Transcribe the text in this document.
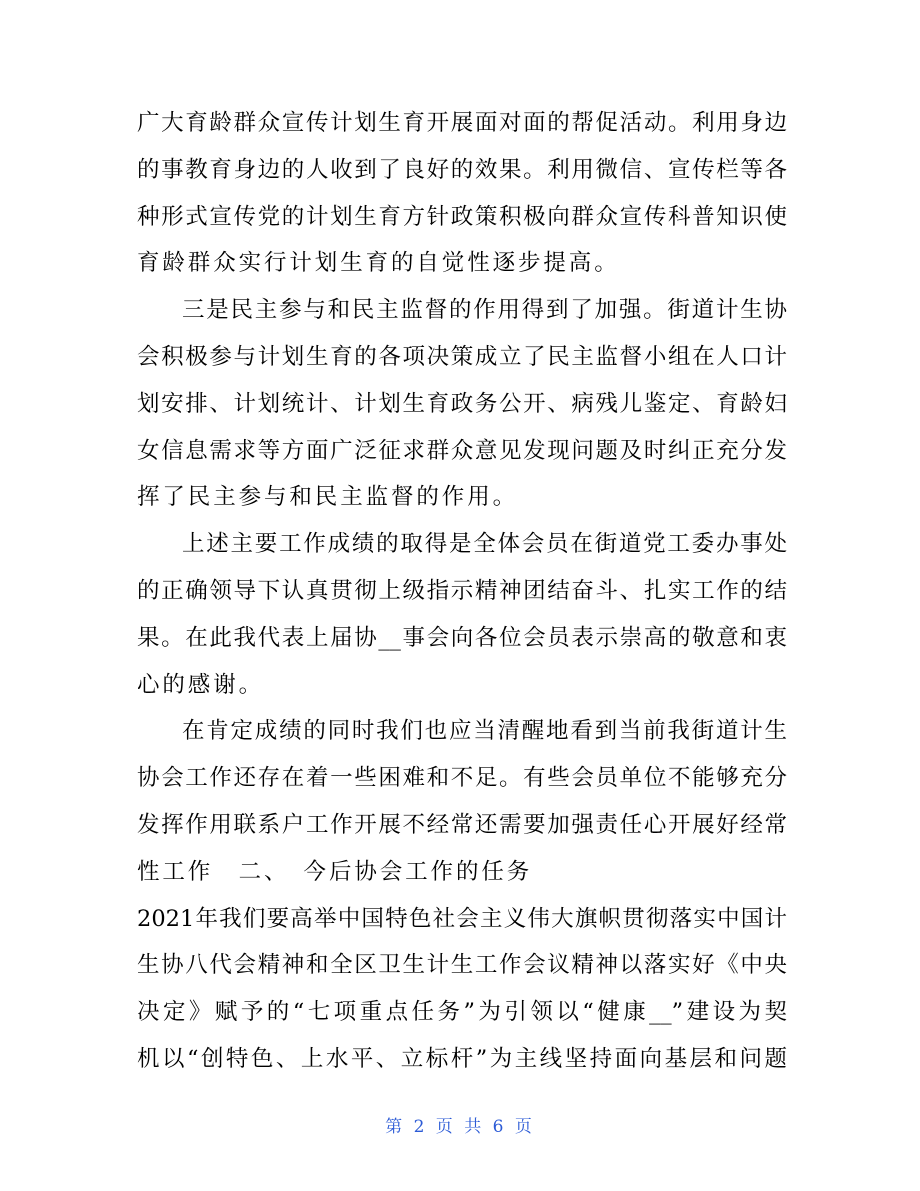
广大育龄群众宣传计划生育开展面对面的帮促活动。利用身边
的事教育身边的人收到了良好的效果。利用微信、宣传栏等各
种形式宣传党的计划生育方针政策积极向群众宣传科普知识使
育龄群众实行计划生育的自觉性逐步提高。
三是民主参与和民主监督的作用得到了加强。街道计生协
会积极参与计划生育的各项决策成立了民主监督小组在人口计
划安排、计划统计、计划生育政务公开、病残儿鉴定、育龄妇
女信息需求等方面广泛征求群众意见发现问题及时纠正充分发
挥了民主参与和民主监督的作用。
上述主要工作成绩的取得是全体会员在街道党工委办事处
的正确领导下认真贯彻上级指示精神团结奋斗、扎实工作的结
果。在此我代表上届协__事会向各位会员表示崇高的敬意和衷
心的感谢。
在肯定成绩的同时我们也应当清醒地看到当前我街道计生
协会工作还存在着一些困难和不足。有些会员单位不能够充分
发挥作用联系户工作开展不经常还需要加强责任心开展好经常
性工作　二、　今后协会工作的任务
2021年我们要高举中国特色社会主义伟大旗帜贯彻落实中国计
生协八代会精神和全区卫生计生工作会议精神以落实好《中央
决定》赋予的“七项重点任务”为引领以“健康__”建设为契
机以“创特色、上水平、立标杆”为主线坚持面向基层和问题
第 2 页 共 6 页
